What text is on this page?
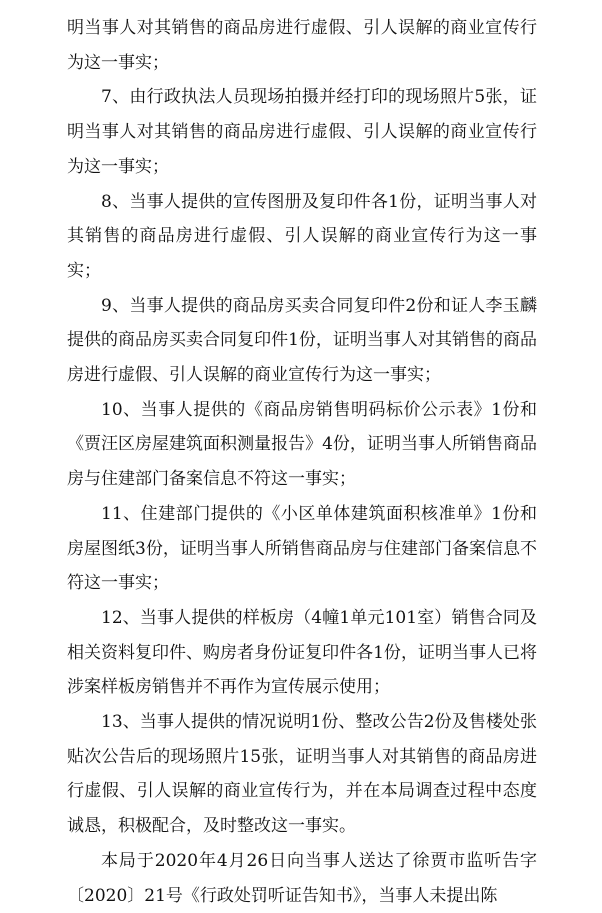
明当事人对其销售的商品房进行虚假、引人误解的商业宣传行为这一事实；

7、由行政执法人员现场拍摄并经打印的现场照片5张，证明当事人对其销售的商品房进行虚假、引人误解的商业宣传行为这一事实；

8、当事人提供的宣传图册及复印件各1份，证明当事人对其销售的商品房进行虚假、引人误解的商业宣传行为这一事实；

9、当事人提供的商品房买卖合同复印件2份和证人李玉麟提供的商品房买卖合同复印件1份，证明当事人对其销售的商品房进行虚假、引人误解的商业宣传行为这一事实；

10、当事人提供的《商品房销售明码标价公示表》1份和《贾汪区房屋建筑面积测量报告》4份，证明当事人所销售商品房与住建部门备案信息不符这一事实；

11、住建部门提供的《小区单体建筑面积核准单》1份和房屋图纸3份，证明当事人所销售商品房与住建部门备案信息不符这一事实；

12、当事人提供的样板房（4幢1单元101室）销售合同及相关资料复印件、购房者身份证复印件各1份，证明当事人已将涉案样板房销售并不再作为宣传展示使用；

13、当事人提供的情况说明1份、整改公告2份及售楼处张贴次公告后的现场照片15张，证明当事人对其销售的商品房进行虚假、引人误解的商业宣传行为，并在本局调查过程中态度诚恳，积极配合，及时整改这一事实。

本局于2020年4月26日向当事人送达了徐贾市监听告字〔2020〕21号《行政处罚听证告知书》，当事人未提出陈
